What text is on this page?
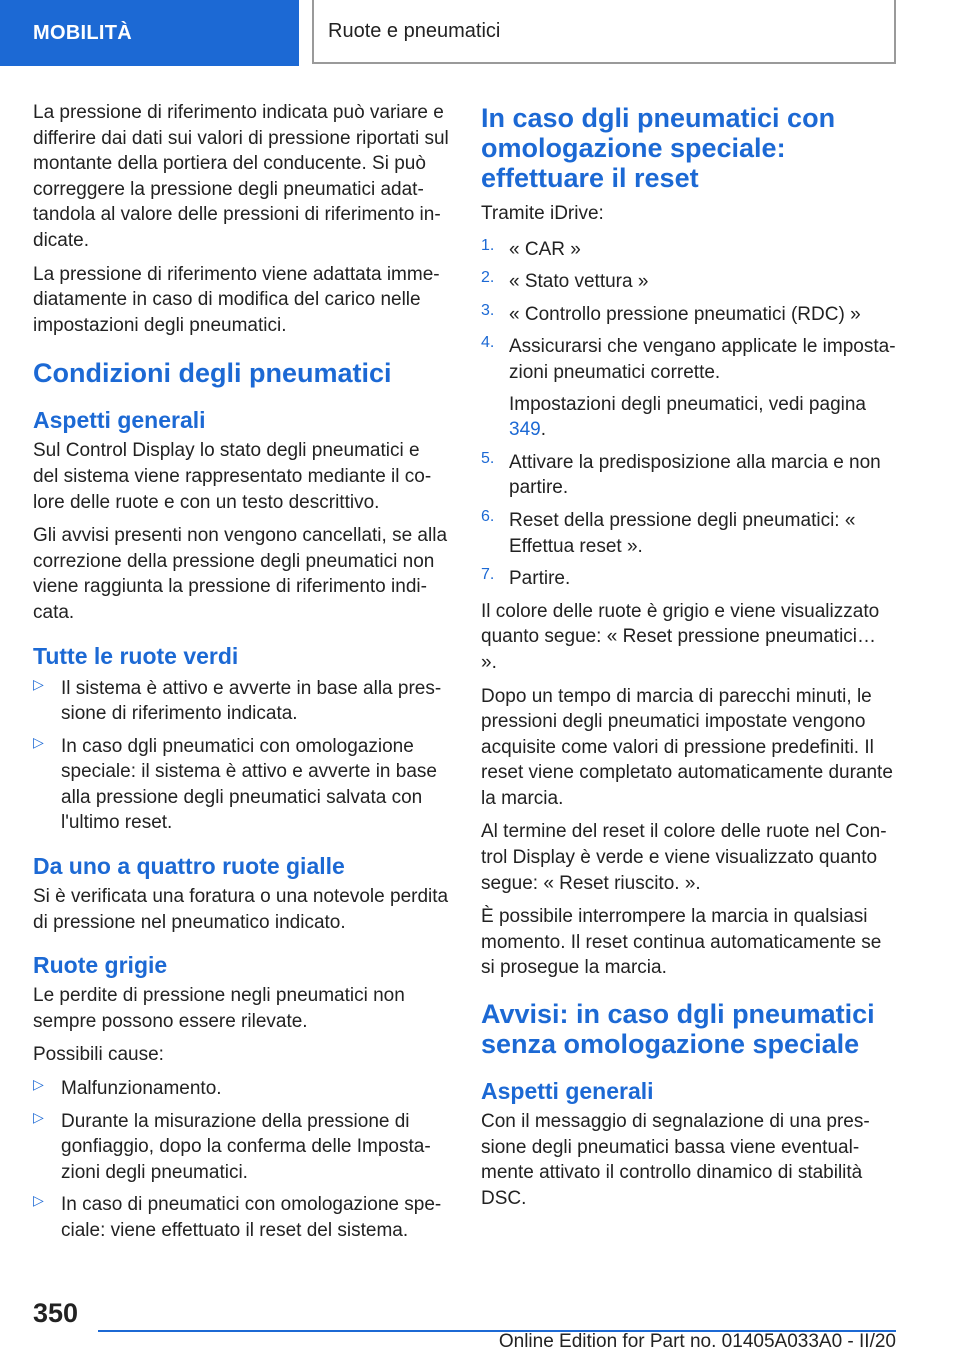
MOBILITÀ	Ruote e pneumatici

La pressione di riferimento indicata può variare e differire dai dati sui valori di pressione riportati sul montante della portiera del conducente. Si può correggere la pressione degli pneumatici adattandola al valore delle pressioni di riferimento indicate.

La pressione di riferimento viene adattata immediatamente in caso di modifica del carico nelle impostazioni degli pneumatici.

Condizioni degli pneumatici
Aspetti generali

Sul Control Display lo stato degli pneumatici e del sistema viene rappresentato mediante il colore delle ruote e con un testo descrittivo.

Gli avvisi presenti non vengono cancellati, se alla correzione della pressione degli pneumatici non viene raggiunta la pressione di riferimento indicata.

Tutte le ruote verdi
▷ Il sistema è attivo e avverte in base alla pressione di riferimento indicata.

▷ In caso dgli pneumatici con omologazione speciale: il sistema è attivo e avverte in base alla pressione degli pneumatici salvata con l'ultimo reset.

Da uno a quattro ruote gialle

Si è verificata una foratura o una notevole perdita di pressione nel pneumatico indicato.

Ruote grigie

Le perdite di pressione negli pneumatici non sempre possono essere rilevate.

Possibili cause:

▷ Malfunzionamento.

▷ Durante la misurazione della pressione di gonfiaggio, dopo la conferma delle Impostazioni degli pneumatici.

▷ In caso di pneumatici con omologazione speciale: viene effettuato il reset del sistema.

In caso dgli pneumatici con omologazione speciale: effettuare il reset

Tramite iDrive:

1. « CAR »

2. « Stato vettura »

3. « Controllo pressione pneumatici (RDC) »

4. Assicurarsi che vengano applicate le impostazioni pneumatici corrette.

Impostazioni degli pneumatici, vedi pagina 349.

5. Attivare la predisposizione alla marcia e non partire.

6. Reset della pressione degli pneumatici: « Effettua reset ».

7. Partire.

Il colore delle ruote è grigio e viene visualizzato quanto segue: « Reset pressione pneumatici… ».

Dopo un tempo di marcia di parecchi minuti, le pressioni degli pneumatici impostate vengono acquisite come valori di pressione predefiniti. Il reset viene completato automaticamente durante la marcia.

Al termine del reset il colore delle ruote nel Control Display è verde e viene visualizzato quanto segue: « Reset riuscito. ».

È possibile interrompere la marcia in qualsiasi momento. Il reset continua automaticamente se si prosegue la marcia.

Avvisi: in caso dgli pneumatici senza omologazione speciale
Aspetti generali

Con il messaggio di segnalazione di una pressione degli pneumatici bassa viene eventualmente attivato il controllo dinamico di stabilità DSC.

350
Online Edition for Part no. 01405A033A0 - II/20
